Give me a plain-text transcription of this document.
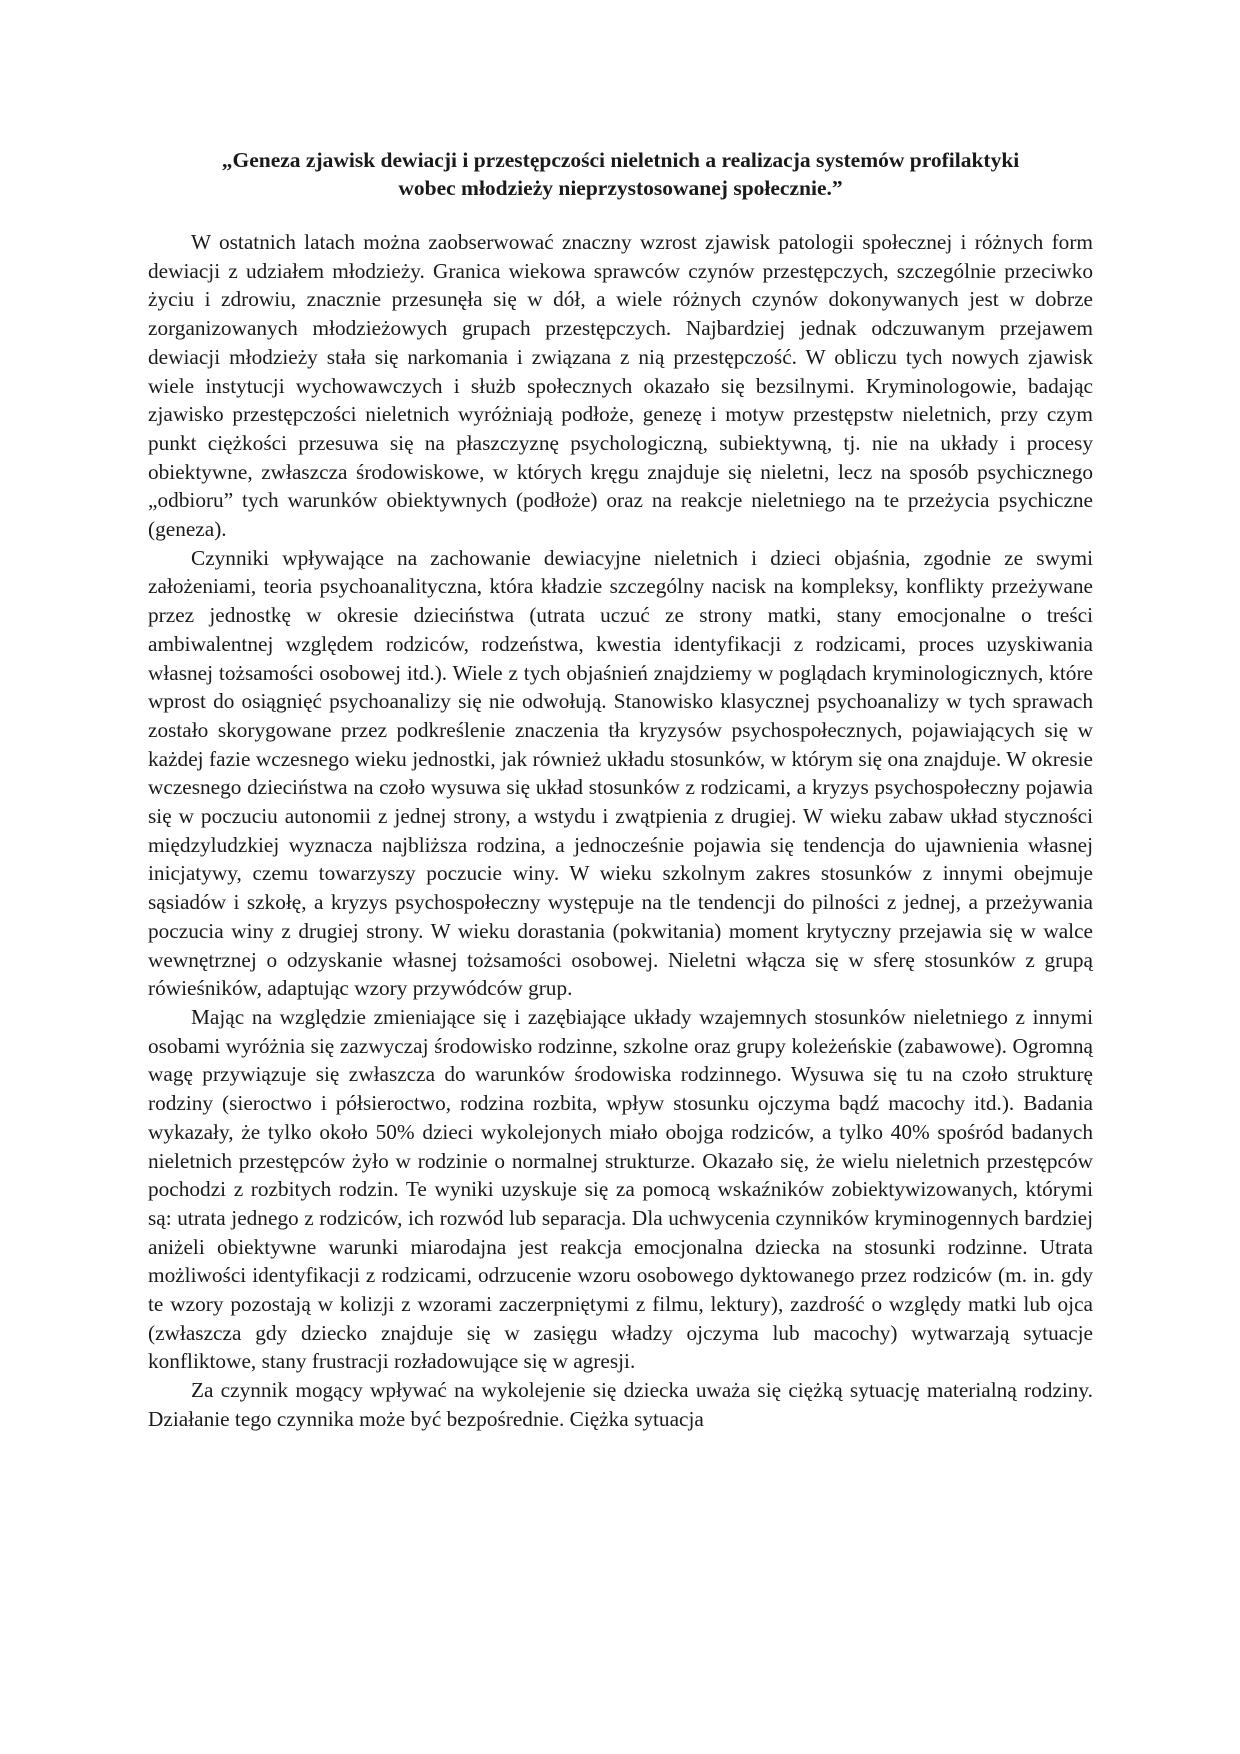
„Geneza zjawisk dewiacji i przestępczości nieletnich a realizacja systemów profilaktyki
wobec młodzieży nieprzystosowanej społecznie.”

W ostatnich latach można zaobserwować znaczny wzrost zjawisk patologii społecznej i różnych form dewiacji z udziałem młodzieży. Granica wiekowa sprawców czynów przestępczych, szczególnie przeciwko życiu i zdrowiu, znacznie przesunęła się w dół, a wiele różnych czynów dokonywanych jest w dobrze zorganizowanych młodzieżowych grupach przestępczych. Najbardziej jednak odczuwanym przejawem dewiacji młodzieży stała się narkomania i związana z nią przestępczość. W obliczu tych nowych zjawisk wiele instytucji wychowawczych i służb społecznych okazało się bezsilnymi. Kryminologowie, badając zjawisko przestępczości nieletnich wyróżniają podłoże, genezę i motyw przestępstw nieletnich, przy czym punkt ciężkości przesuwa się na płaszczyznę psychologiczną, subiektywną, tj. nie na układy i procesy obiektywne, zwłaszcza środowiskowe, w których kręgu znajduje się nieletni, lecz na sposób psychicznego „odbioru” tych warunków obiektywnych (podłoże) oraz na reakcje nieletniego na te przeżycia psychiczne (geneza).

Czynniki wpływające na zachowanie dewiacyjne nieletnich i dzieci objaśnia, zgodnie ze swymi założeniami, teoria psychoanalityczna, która kładzie szczególny nacisk na kompleksy, konflikty przeżywane przez jednostkę w okresie dzieciństwa (utrata uczuć ze strony matki, stany emocjonalne o treści ambiwalentnej względem rodziców, rodzeństwa, kwestia identyfikacji z rodzicami, proces uzyskiwania własnej tożsamości osobowej itd.). Wiele z tych objaśnień znajdziemy w poglądach kryminologicznych, które wprost do osiągnięć psychoanalizy się nie odwołują. Stanowisko klasycznej psychoanalizy w tych sprawach zostało skorygowane przez podkreślenie znaczenia tła kryzysów psychospołecznych, pojawiających się w każdej fazie wczesnego wieku jednostki, jak również układu stosunków, w którym się ona znajduje. W okresie wczesnego dzieciństwa na czoło wysuwa się układ stosunków z rodzicami, a kryzys psychospołeczny pojawia się w poczuciu autonomii z jednej strony, a wstydu i zwątpienia z drugiej. W wieku zabaw układ styczności międzyludzkiej wyznacza najbliższa rodzina, a jednocześnie pojawia się tendencja do ujawnienia własnej inicjatywy, czemu towarzyszy poczucie winy. W wieku szkolnym zakres stosunków z innymi obejmuje sąsiadów i szkołę, a kryzys psychospołeczny występuje na tle tendencji do pilności z jednej, a przeżywania poczucia winy z drugiej strony. W wieku dorastania (pokwitania) moment krytyczny przejawia się w walce wewnętrznej o odzyskanie własnej tożsamości osobowej. Nieletni włącza się w sferę stosunków z grupą rówieśników, adaptując wzory przywódców grup.

Mając na względzie zmieniające się i zazębiające układy wzajemnych stosunków nieletniego z innymi osobami wyróżnia się zazwyczaj środowisko rodzinne, szkolne oraz grupy koleżeńskie (zabawowe). Ogromną wagę przywiązuje się zwłaszcza do warunków środowiska rodzinnego. Wysuwa się tu na czoło strukturę rodziny (sieroctwo i półsieroctwo, rodzina rozbita, wpływ stosunku ojczyma bądź macochy itd.). Badania wykazały, że tylko około 50% dzieci wykolejonych miało obojga rodziców, a tylko 40% spośród badanych nieletnich przestępców żyło w rodzinie o normalnej strukturze. Okazało się, że wielu nieletnich przestępców pochodzi z rozbitych rodzin. Te wyniki uzyskuje się za pomocą wskaźników zobiektywizowanych, którymi są: utrata jednego z rodziców, ich rozwód lub separacja. Dla uchwycenia czynników kryminogennych bardziej aniżeli obiektywne warunki miarodajna jest reakcja emocjonalna dziecka na stosunki rodzinne. Utrata możliwości identyfikacji z rodzicami, odrzucenie wzoru osobowego dyktowanego przez rodziców (m. in. gdy te wzory pozostają w kolizji z wzorami zaczerpniętymi z filmu, lektury), zazdrość o względy matki lub ojca (zwłaszcza gdy dziecko znajduje się w zasięgu władzy ojczyma lub macochy) wytwarzają sytuacje konfliktowe, stany frustracji rozładowujące się w agresji.

Za czynnik mogący wpływać na wykolejenie się dziecka uważa się ciężką sytuację materialną rodziny. Działanie tego czynnika może być bezpośrednie. Ciężka sytuacja
